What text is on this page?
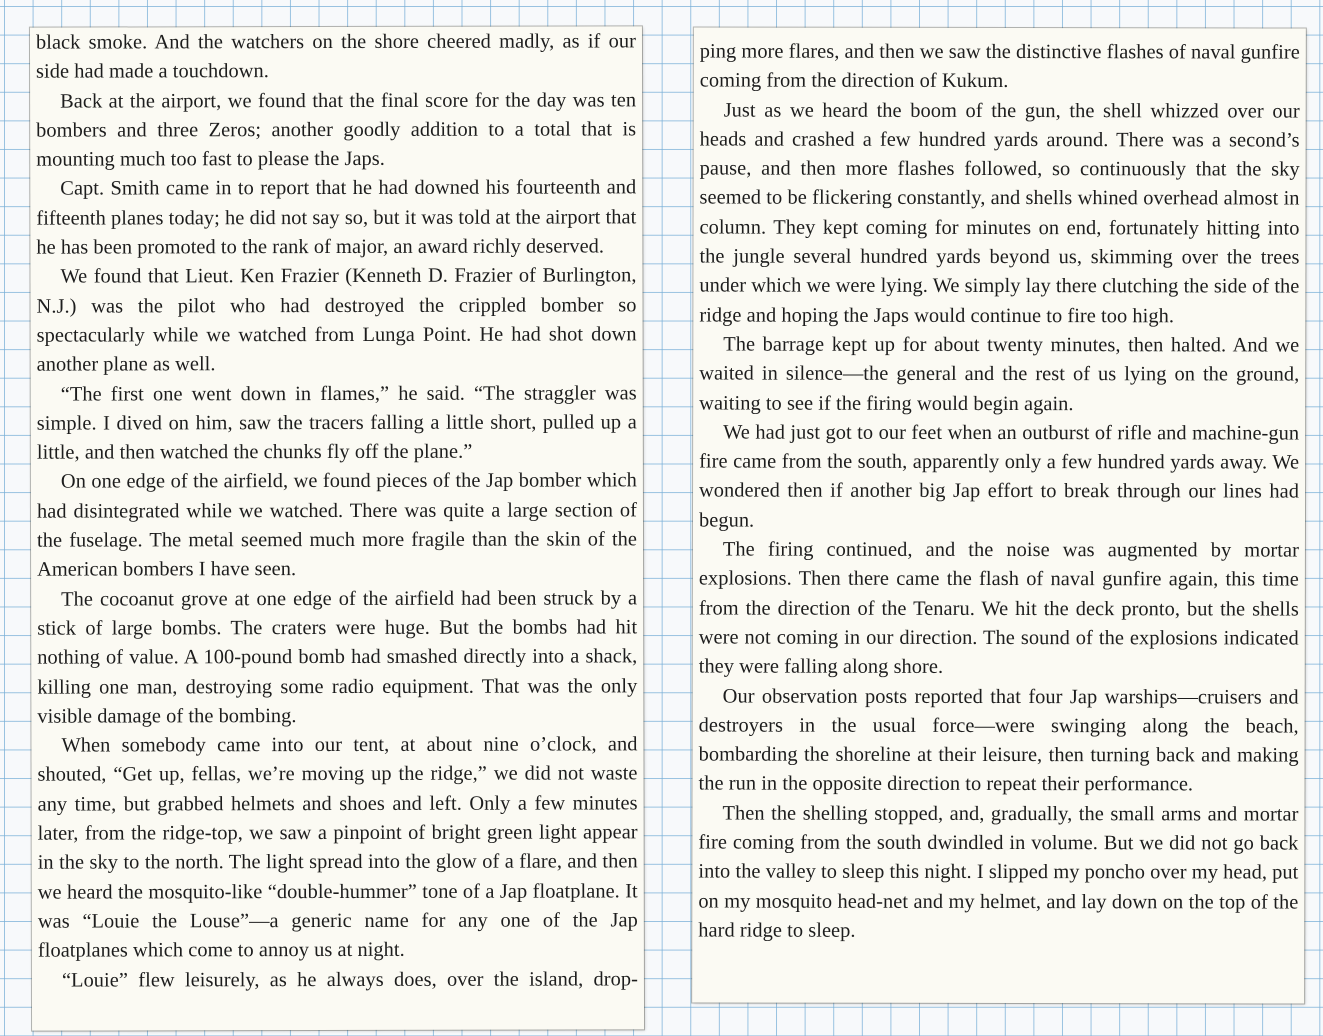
black smoke. And the watchers on the shore cheered madly, as if our side had made a touchdown.

Back at the airport, we found that the final score for the day was ten bombers and three Zeros; another goodly addition to a total that is mounting much too fast to please the Japs.

Capt. Smith came in to report that he had downed his fourteenth and fifteenth planes today; he did not say so, but it was told at the airport that he has been promoted to the rank of major, an award richly deserved.

We found that Lieut. Ken Frazier (Kenneth D. Frazier of Burlington, N.J.) was the pilot who had destroyed the crippled bomber so spectacularly while we watched from Lunga Point. He had shot down another plane as well.

“The first one went down in flames,” he said. “The straggler was simple. I dived on him, saw the tracers falling a little short, pulled up a little, and then watched the chunks fly off the plane.”

On one edge of the airfield, we found pieces of the Jap bomber which had disintegrated while we watched. There was quite a large section of the fuselage. The metal seemed much more fragile than the skin of the American bombers I have seen.

The cocoanut grove at one edge of the airfield had been struck by a stick of large bombs. The craters were huge. But the bombs had hit nothing of value. A 100-pound bomb had smashed directly into a shack, killing one man, destroying some radio equipment. That was the only visible damage of the bombing.

When somebody came into our tent, at about nine o’clock, and shouted, “Get up, fellas, we’re moving up the ridge,” we did not waste any time, but grabbed helmets and shoes and left. Only a few minutes later, from the ridge-top, we saw a pinpoint of bright green light appear in the sky to the north. The light spread into the glow of a flare, and then we heard the mosquito-like “double-hummer” tone of a Jap floatplane. It was “Louie the Louse”—a generic name for any one of the Jap floatplanes which come to annoy us at night.

“Louie” flew leisurely, as he always does, over the island, drop-

ping more flares, and then we saw the distinctive flashes of naval gunfire coming from the direction of Kukum.

Just as we heard the boom of the gun, the shell whizzed over our heads and crashed a few hundred yards around. There was a second’s pause, and then more flashes followed, so continuously that the sky seemed to be flickering constantly, and shells whined overhead almost in column. They kept coming for minutes on end, fortunately hitting into the jungle several hundred yards beyond us, skimming over the trees under which we were lying. We simply lay there clutching the side of the ridge and hoping the Japs would continue to fire too high.

The barrage kept up for about twenty minutes, then halted. And we waited in silence—the general and the rest of us lying on the ground, waiting to see if the firing would begin again.

We had just got to our feet when an outburst of rifle and machine-gun fire came from the south, apparently only a few hundred yards away. We wondered then if another big Jap effort to break through our lines had begun.

The firing continued, and the noise was augmented by mortar explosions. Then there came the flash of naval gunfire again, this time from the direction of the Tenaru. We hit the deck pronto, but the shells were not coming in our direction. The sound of the explosions indicated they were falling along shore.

Our observation posts reported that four Jap warships—cruisers and destroyers in the usual force—were swinging along the beach, bombarding the shoreline at their leisure, then turning back and making the run in the opposite direction to repeat their performance.

Then the shelling stopped, and, gradually, the small arms and mortar fire coming from the south dwindled in volume. But we did not go back into the valley to sleep this night. I slipped my poncho over my head, put on my mosquito head-net and my helmet, and lay down on the top of the hard ridge to sleep.
